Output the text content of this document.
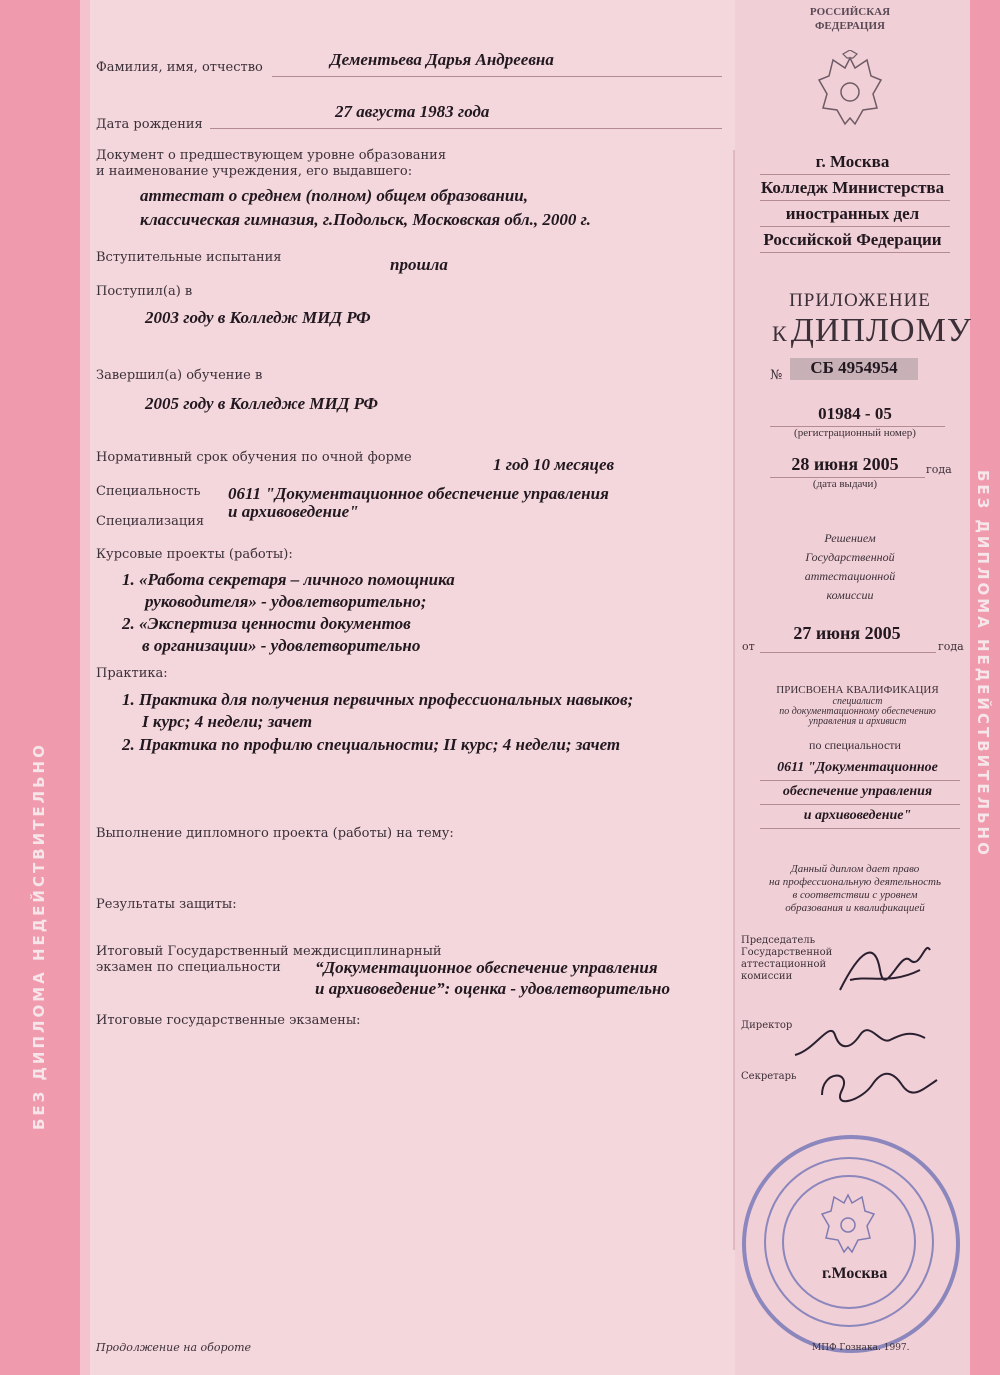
БЕЗ ДИПЛОМА НЕДЕЙСТВИТЕЛЬНО
БЕЗ ДИПЛОМА НЕДЕЙСТВИТЕЛЬНО
Фамилия, имя, отчество	Дементьева Дарья Андреевна
Дата рождения
27 августа 1983 года
Документ о предшествующем уровне образования
и наименование учреждения, его выдавшего:
аттестат о среднем (полном) общем образовании,
классическая гимназия, г.Подольск, Московская обл., 2000 г.
Вступительные испытания	прошла
Поступил(а) в
2003 году в Колледж МИД РФ
Завершил(а) обучение в
2005 году в Колледже МИД РФ
Нормативный срок обучения по очной форме	1 год 10 месяцев
Специальность 0611 "Документационное обеспечение управления
и архивоведение"
Специализация
Курсовые проекты (работы):
1. «Работа секретаря – личного помощника
руководителя» - удовлетворительно;
2. «Экспертиза ценности документов
в организации» - удовлетворительно
Практика:
1. Практика для получения первичных профессиональных навыков;
I курс; 4 недели; зачет
2. Практика по профилю специальности; II курс; 4 недели; зачет
Выполнение дипломного проекта (работы) на тему:
Результаты защиты:
Итоговый Государственный междисциплинарный
экзамен по специальности “Документационное обеспечение управления
и архивоведение”: оценка - удовлетворительно
Итоговые государственные экзамены:
РОССИЙСКАЯ
ФЕДЕРАЦИЯ
г. Москва
Колледж Министерства
иностранных дел
Российской Федерации
ПРИЛОЖЕНИЕ
К ДИПЛОМУ
№	СБ 4954954
01984 - 05
(регистрационный номер)
28 июня 2005	года
(дата выдачи)
Решением
Государственной
аттестационной
комиссии
от
27 июня 2005
года
ПРИСВОЕНА КВАЛИФИКАЦИЯ
специалист
по документационному обеспечению
управления и архивист
по специальности
0611 "Документационное
обеспечение управления
и архивоведение"
Данный диплом дает право
на профессиональную деятельность
в соответствии с уровнем
образования и квалификацией
Председатель
Государственной
аттестационной
комиссии
Директор
Секретарь
г.Москва
Продолжение на обороте	МПФ Гознака. 1997.
